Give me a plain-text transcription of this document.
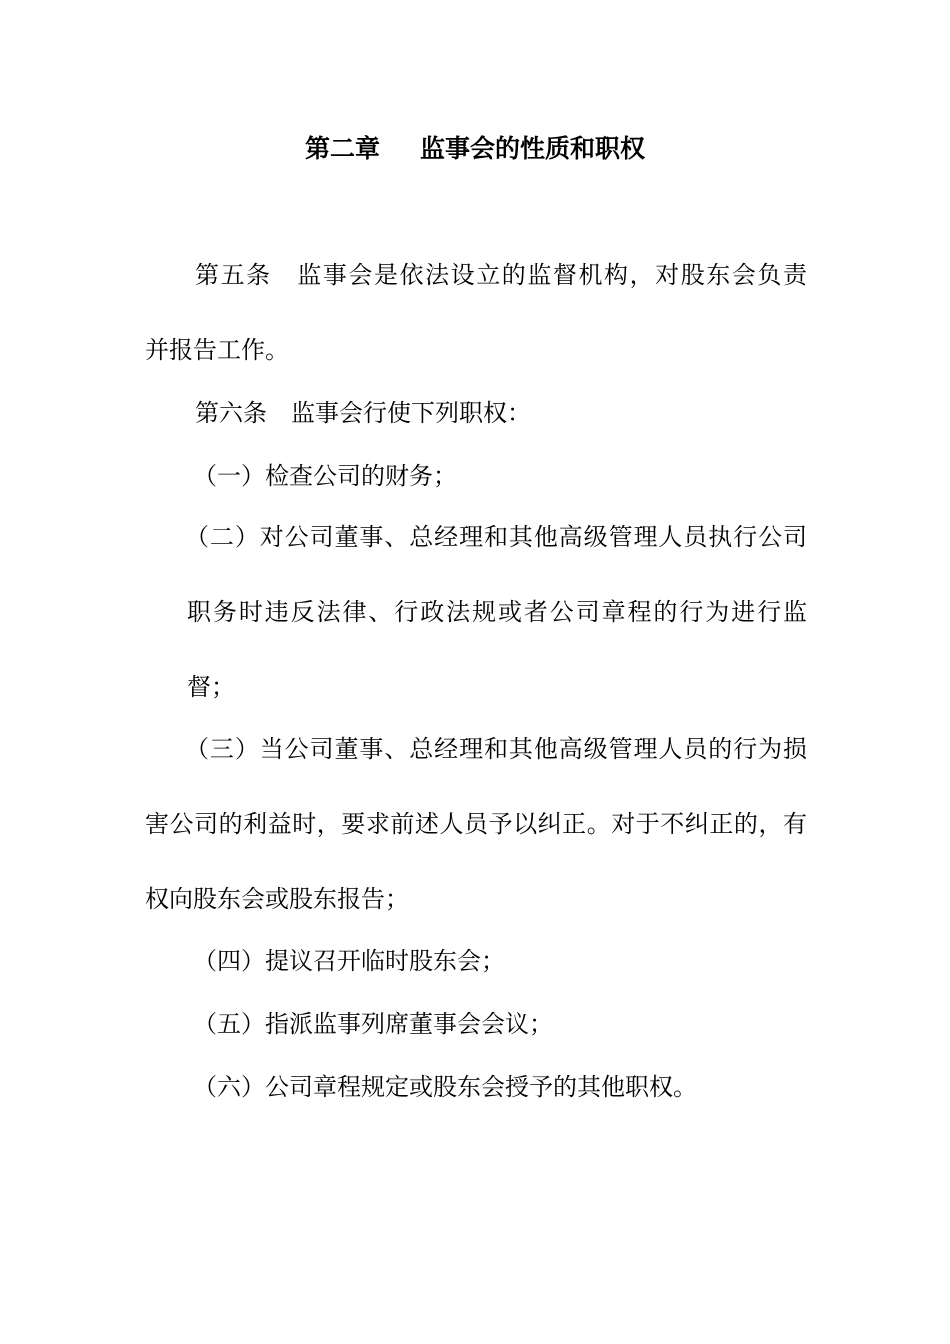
第二章 监事会的性质和职权
第五条　监事会是依法设立的监督机构，对股东会负责
并报告工作。
第六条　监事会行使下列职权：
（一）检查公司的财务；
（二）对公司董事、总经理和其他高级管理人员执行公司
职务时违反法律、行政法规或者公司章程的行为进行监
督；
（三）当公司董事、总经理和其他高级管理人员的行为损
害公司的利益时，要求前述人员予以纠正。对于不纠正的，有
权向股东会或股东报告；
（四）提议召开临时股东会；
（五）指派监事列席董事会会议；
（六）公司章程规定或股东会授予的其他职权。
